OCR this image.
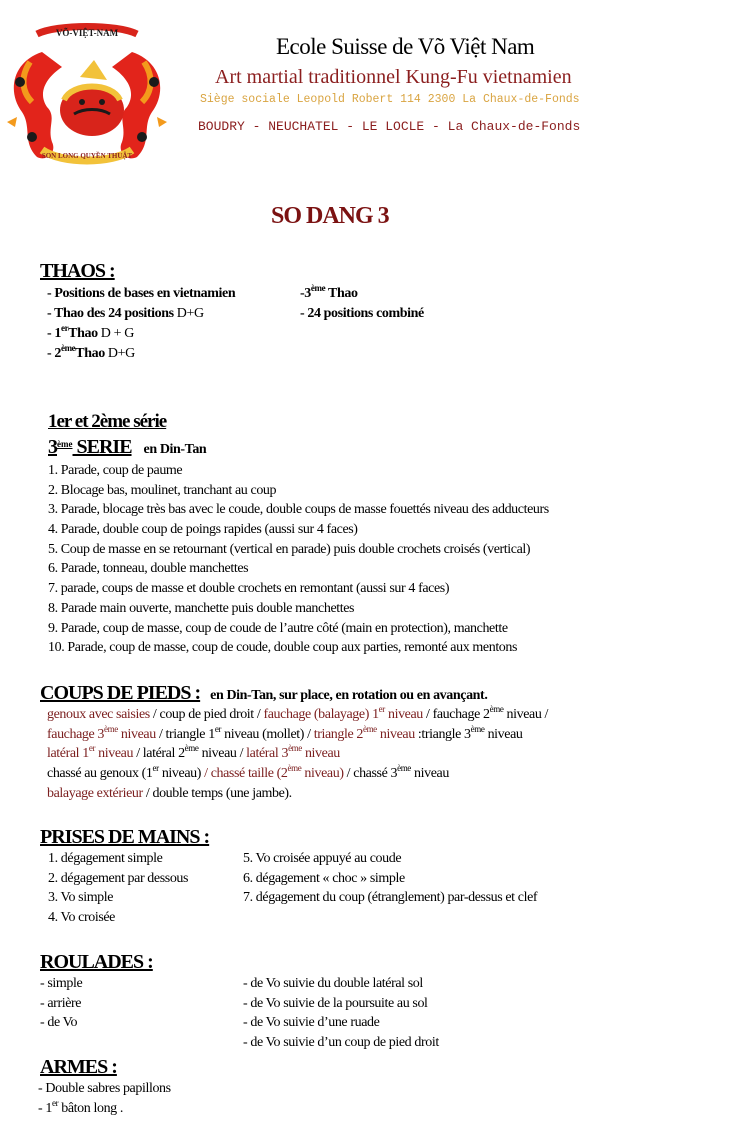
VÕ-VIỆT-NAM
SON LONG QUYỀN THUẬT
Ecole Suisse de Võ Việt Nam
Art martial traditionnel Kung-Fu vietnamien
Siège sociale Leopold Robert 114 2300 La Chaux-de-Fonds
BOUDRY - NEUCHATEL - LE LOCLE - La Chaux-de-Fonds
SO DANG 3
THAOS :
- Positions de bases en vietnamien
- Thao des 24 positions D+G
- 1erThao D + G
- 2èmeThao D+G
-3ème Thao
- 24 positions combiné
1er et 2ème série
3ème SERIE en Din-Tan
1. Parade, coup de paume
2. Blocage bas, moulinet, tranchant au coup
3. Parade, blocage très bas avec le coude, double coups de masse fouettés niveau des adducteurs
4. Parade, double coup de poings rapides (aussi sur 4 faces)
5. Coup de masse en se retournant (vertical en parade) puis double crochets croisés (vertical)
6. Parade, tonneau, double manchettes
7. parade, coups de masse et double crochets en remontant (aussi sur 4 faces)
8. Parade main ouverte, manchette puis double manchettes
9. Parade, coup de masse, coup de coude de l’autre côté (main en protection), manchette
10. Parade, coup de masse, coup de coude, double coup aux parties, remonté aux mentons
COUPS DE PIEDS : en Din-Tan, sur place, en rotation ou en avançant.
genoux avec saisies / coup de pied droit / fauchage (balayage) 1er niveau / fauchage 2ème niveau /
fauchage 3ème niveau / triangle 1er niveau (mollet) / triangle 2ème niveau :triangle 3ème niveau
latéral 1er niveau / latéral 2ème niveau / latéral 3ème niveau
chassé au genoux (1er niveau) / chassé taille (2ème niveau) / chassé 3ème niveau
balayage extérieur / double temps (une jambe).
PRISES DE MAINS :
1. dégagement simple
2. dégagement par dessous
3. Vo simple
4. Vo croisée
5. Vo croisée appuyé au coude
6. dégagement « choc » simple
7. dégagement du coup (étranglement) par-dessus et clef
ROULADES :
- simple
- arrière
- de Vo
- de Vo suivie du double latéral sol
- de Vo suivie de la poursuite au sol
- de Vo suivie d’une ruade
- de Vo suivie d’un coup de pied droit
ARMES :
- Double sabres papillons
- 1er bâton long .
